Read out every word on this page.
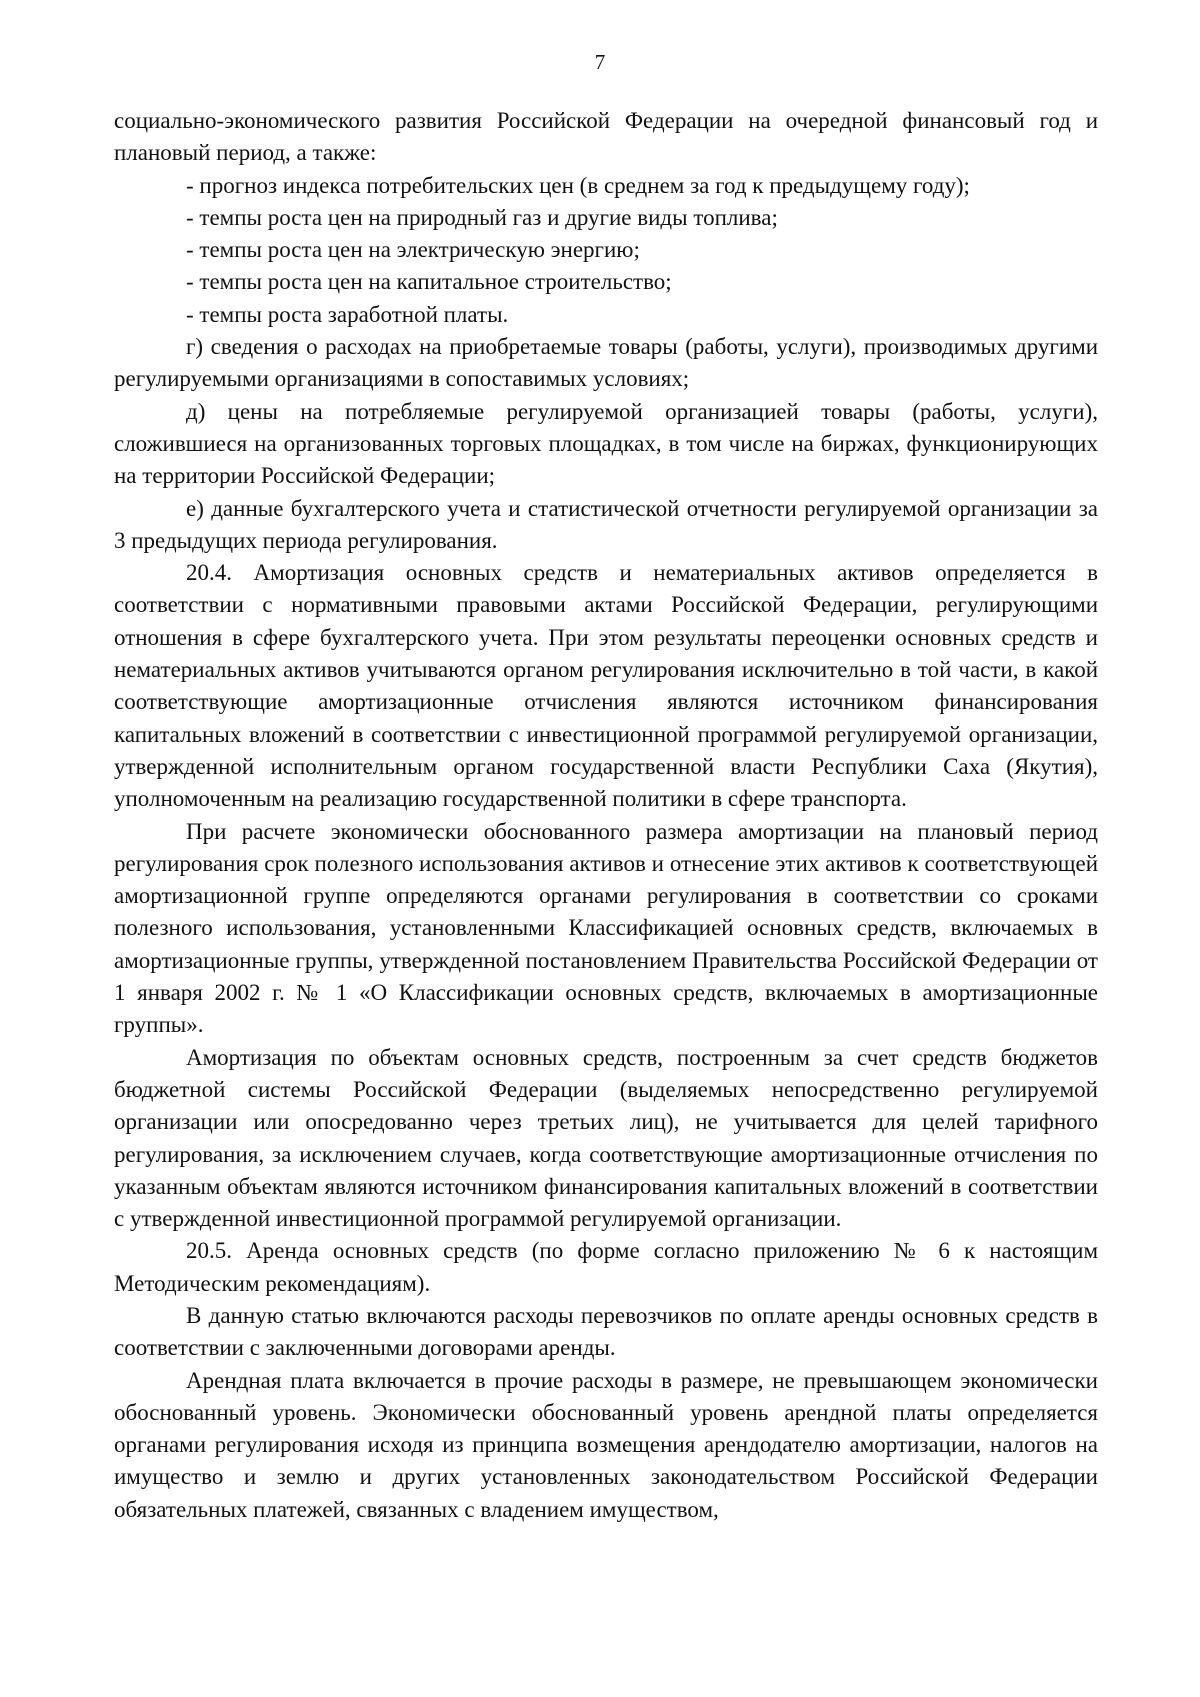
7

социально-экономического развития Российской Федерации на очередной финансовый год и плановый период, а также:

- прогноз индекса потребительских цен (в среднем за год к предыдущему году);

- темпы роста цен на природный газ и другие виды топлива;

- темпы роста цен на электрическую энергию;

- темпы роста цен на капитальное строительство;

- темпы роста заработной платы.

г) сведения о расходах на приобретаемые товары (работы, услуги), производимых другими регулируемыми организациями в сопоставимых условиях;

д) цены на потребляемые регулируемой организацией товары (работы, услуги), сложившиеся на организованных торговых площадках, в том числе на биржах, функционирующих на территории Российской Федерации;

е) данные бухгалтерского учета и статистической отчетности регулируемой организации за 3 предыдущих периода регулирования.

20.4. Амортизация основных средств и нематериальных активов определяется в соответствии с нормативными правовыми актами Российской Федерации, регулирующими отношения в сфере бухгалтерского учета. При этом результаты переоценки основных средств и нематериальных активов учитываются органом регулирования исключительно в той части, в какой соответствующие амортизационные отчисления являются источником финансирования капитальных вложений в соответствии с инвестиционной программой регулируемой организации, утвержденной исполнительным органом государственной власти Республики Саха (Якутия), уполномоченным на реализацию государственной политики в сфере транспорта.

При расчете экономически обоснованного размера амортизации на плановый период регулирования срок полезного использования активов и отнесение этих активов к соответствующей амортизационной группе определяются органами регулирования в соответствии со сроками полезного использования, установленными Классификацией основных средств, включаемых в амортизационные группы, утвержденной постановлением Правительства Российской Федерации от 1 января 2002 г. № 1 «О Классификации основных средств, включаемых в амортизационные группы».

Амортизация по объектам основных средств, построенным за счет средств бюджетов бюджетной системы Российской Федерации (выделяемых непосредственно регулируемой организации или опосредованно через третьих лиц), не учитывается для целей тарифного регулирования, за исключением случаев, когда соответствующие амортизационные отчисления по указанным объектам являются источником финансирования капитальных вложений в соответствии с утвержденной инвестиционной программой регулируемой организации.

20.5. Аренда основных средств (по форме согласно приложению № 6 к настоящим Методическим рекомендациям).

В данную статью включаются расходы перевозчиков по оплате аренды основных средств в соответствии с заключенными договорами аренды.

Арендная плата включается в прочие расходы в размере, не превышающем экономически обоснованный уровень. Экономически обоснованный уровень арендной платы определяется органами регулирования исходя из принципа возмещения арендодателю амортизации, налогов на имущество и землю и других установленных законодательством Российской Федерации обязательных платежей, связанных с владением имуществом,
